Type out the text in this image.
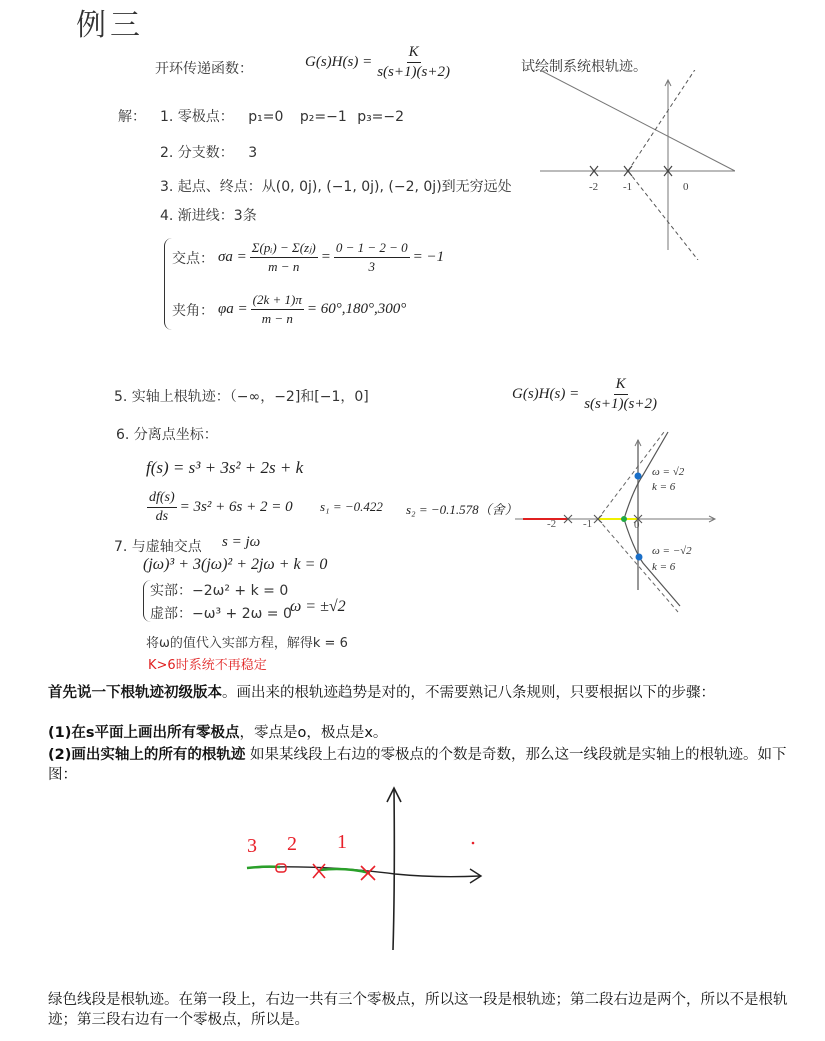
例三
开环传递函数：	$G(s)H(s) = \frac{K}{s(s+1)(s+2)}$	试绘制系统根轨迹。
解： 1. 零极点： p₁=0 p₂=−1 p₃=−2
2. 分支数： 3
3. 起点、终点：从(0, 0j), (−1, 0j), (−2, 0j)到无穷远处
4. 渐进线：3条
交点： $\sigma a = \frac{\text{Σ(pᵢ) − Σ(zⱼ)}}{m - n} = \frac{0 - 1 - 2 - 0}{3} = -1$
夹角： $\varphi a = \frac{(2k + 1)\pi}{m - n} = 60^\circ,180^\circ,300^\circ$
-2 -1	0
5. 实轴上根轨迹：（−∞，−2]和[−1，0]	$G(s)H(s) = \frac{K}{s(s+1)(s+2)}$
6. 分离点坐标：
f(s) = s³ + 3s² + 2s + k
$\frac{df(s)}{ds} = 3s^2 + 6s + 2 = 0$ s₁ = −0.422 s₂ = −0.1.578（舍）
7. 与虚轴交点 s = jω
(jω)³ + 3(jω)² + 2jω + k = 0
实部：−2ω² + k = 0
虚部：−ω³ + 2ω = 0
ω = ±√2
将ω的值代入实部方程，解得k = 6
K>6时系统不再稳定
-2 -1	0
ω = √2
k = 6
ω = −√2
k = 6
首先说一下根轨迹初级版本。画出来的根轨迹趋势是对的，不需要熟记八条规则，只要根据以下的步骤：
(1)在s平面上画出所有零极点，零点是o，极点是x。
(2)画出实轴上的所有的根轨迹 如果某线段上右边的零极点的个数是奇数，那么这一线段就是实轴上的根轨迹。如下图：
3 2 1
绿色线段是根轨迹。在第一段上，右边一共有三个零极点，所以这一段是根轨迹；第二段右边是两个，所以不是根轨迹；第三段右边有一个零极点，所以是。
